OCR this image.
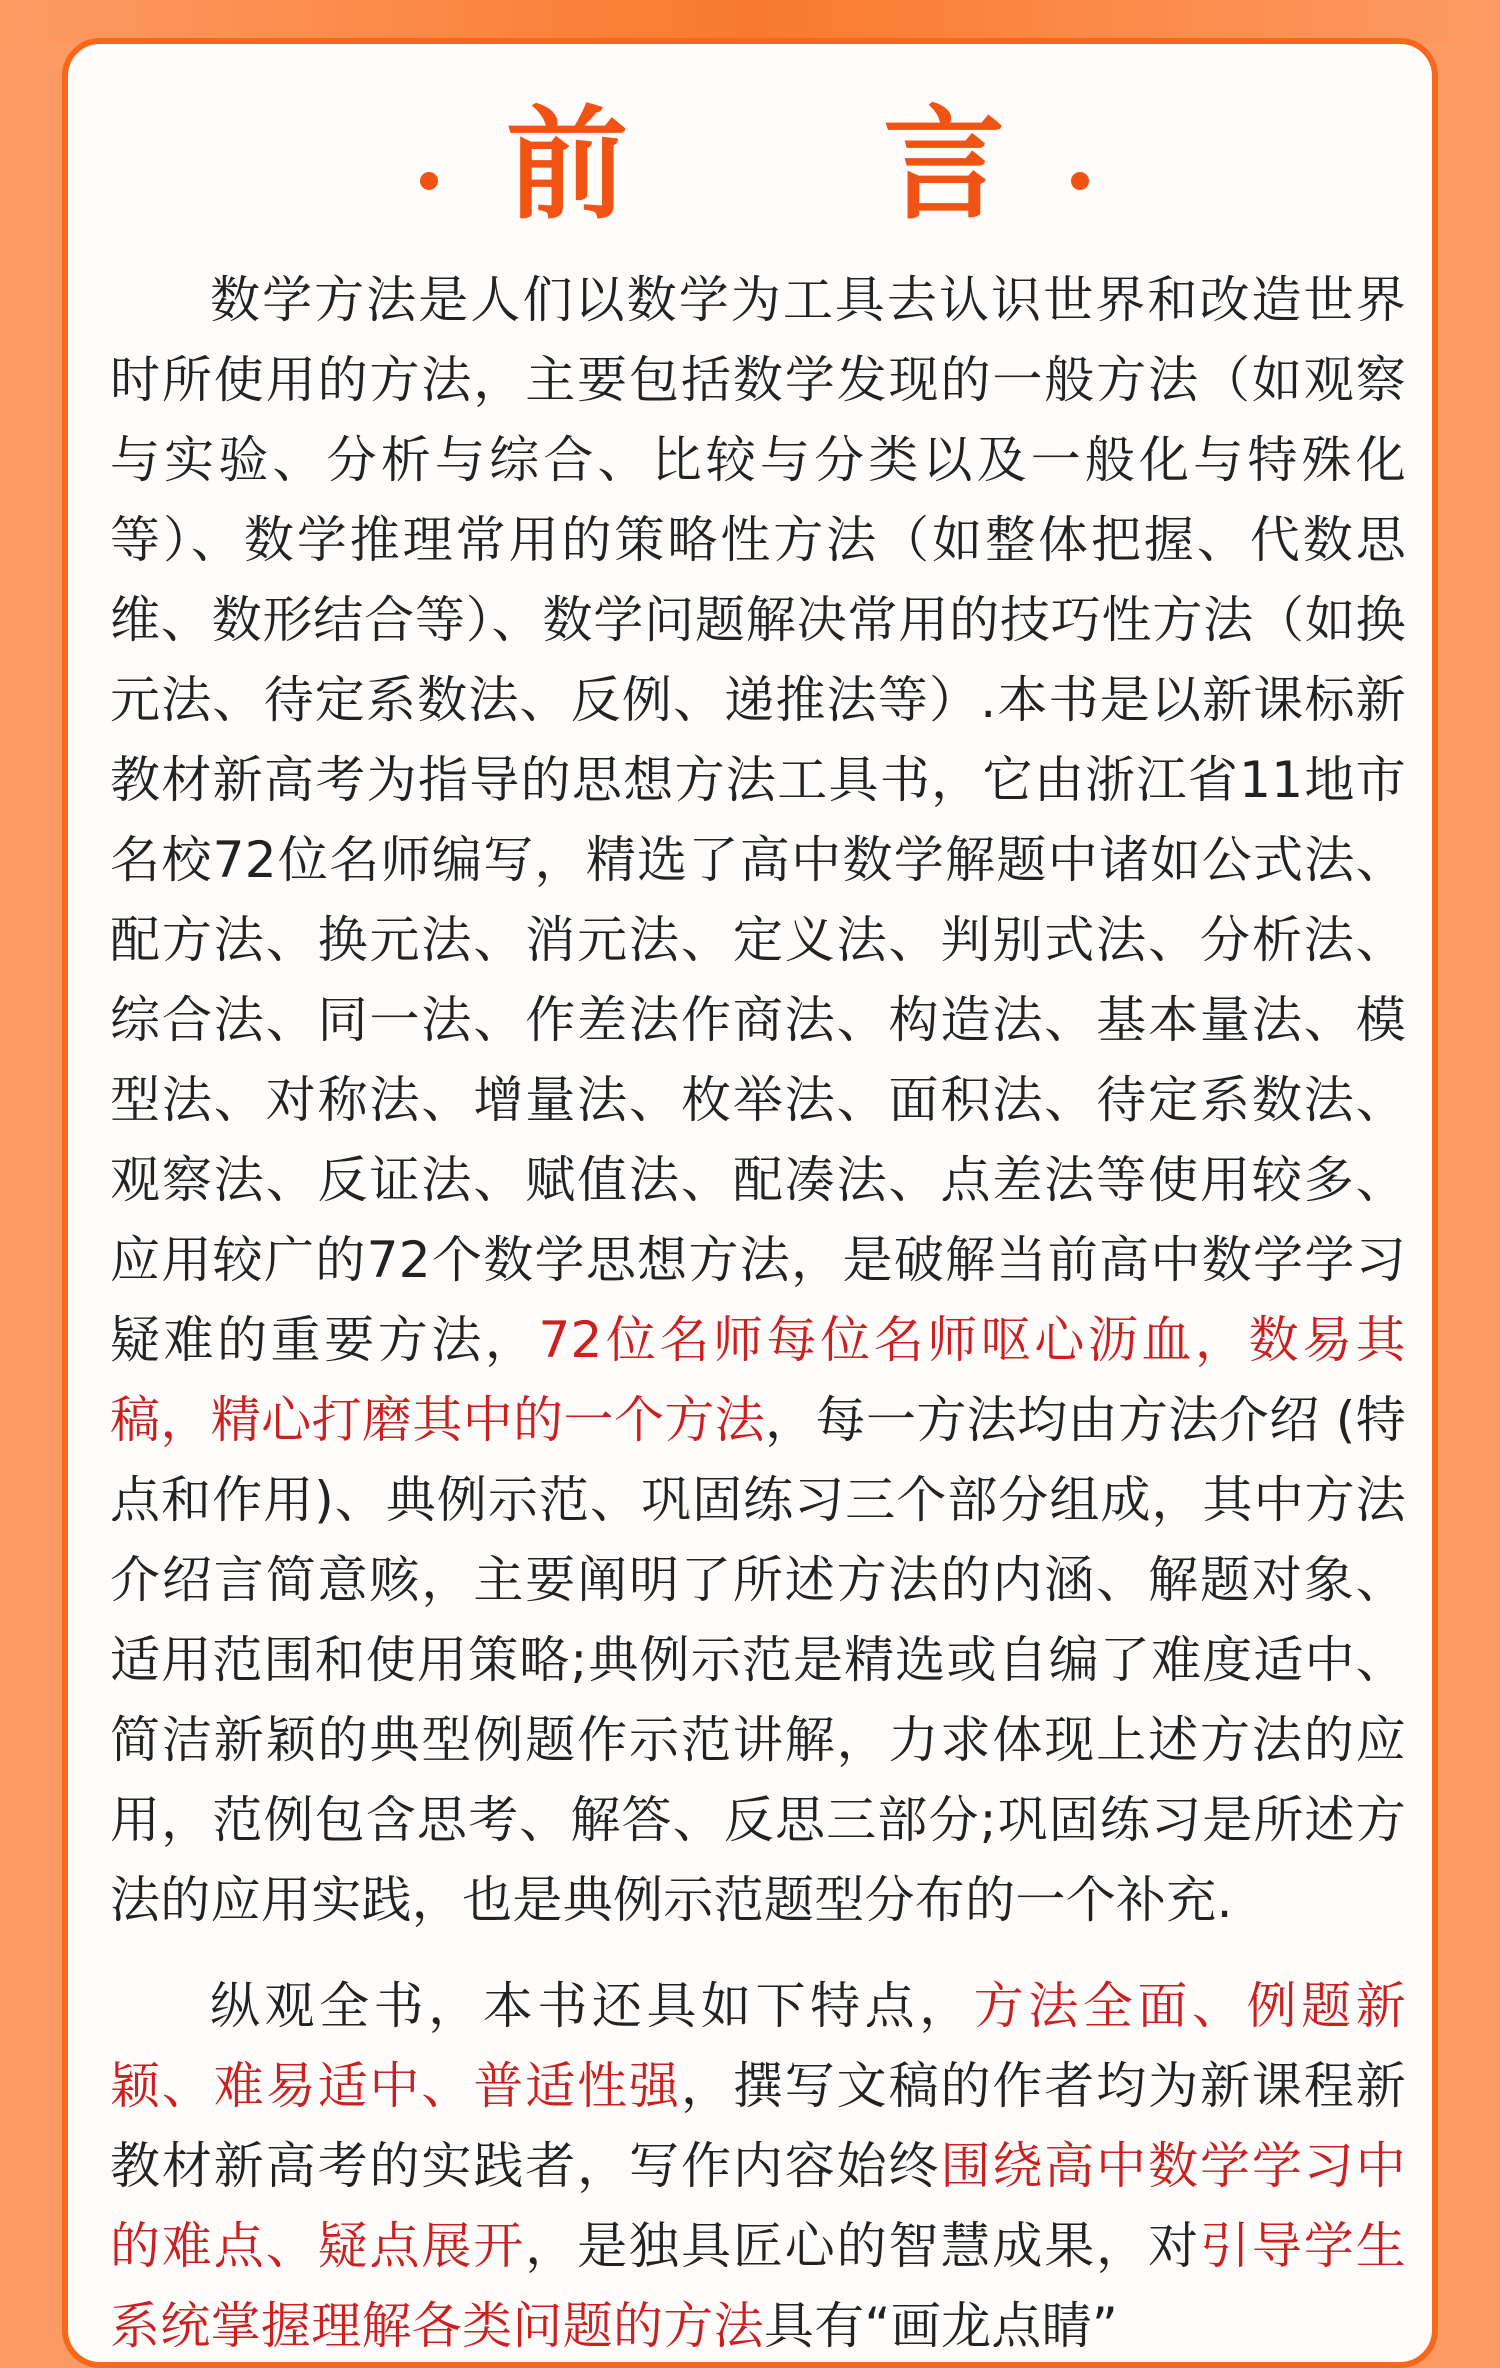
前 言

数学方法是人们以数学为工具去认识世界和改造世界时所使用的方法，主要包括数学发现的一般方法（如观察与实验、分析与综合、比较与分类以及一般化与特殊化等）、数学推理常用的策略性方法（如整体把握、代数思维、数形结合等）、数学问题解决常用的技巧性方法（如换元法、待定系数法、反例、递推法等）.本书是以新课标新教材新高考为指导的思想方法工具书，它由浙江省11地市名校72位名师编写，精选了高中数学解题中诸如公式法、配方法、换元法、消元法、定义法、判别式法、分析法、综合法、同一法、作差法作商法、构造法、基本量法、模型法、对称法、增量法、枚举法、面积法、待定系数法、观察法、反证法、赋值法、配凑法、点差法等使用较多、应用较广的72个数学思想方法，是破解当前高中数学学习疑难的重要方法，72位名师每位名师呕心沥血，数易其稿，精心打磨其中的一个方法，每一方法均由方法介绍 (特点和作用)、典例示范、巩固练习三个部分组成，其中方法介绍言简意赅，主要阐明了所述方法的内涵、解题对象、适用范围和使用策略;典例示范是精选或自编了难度适中、简洁新颖的典型例题作示范讲解，力求体现上述方法的应用，范例包含思考、解答、反思三部分;巩固练习是所述方法的应用实践，也是典例示范题型分布的一个补充.

纵观全书，本书还具如下特点，方法全面、例题新颖、难易适中、普适性强，撰写文稿的作者均为新课程新教材新高考的实践者，写作内容始终围绕高中数学学习中的难点、疑点展开，是独具匠心的智慧成果，对引导学生系统掌握理解各类问题的方法具有“画龙点睛”
